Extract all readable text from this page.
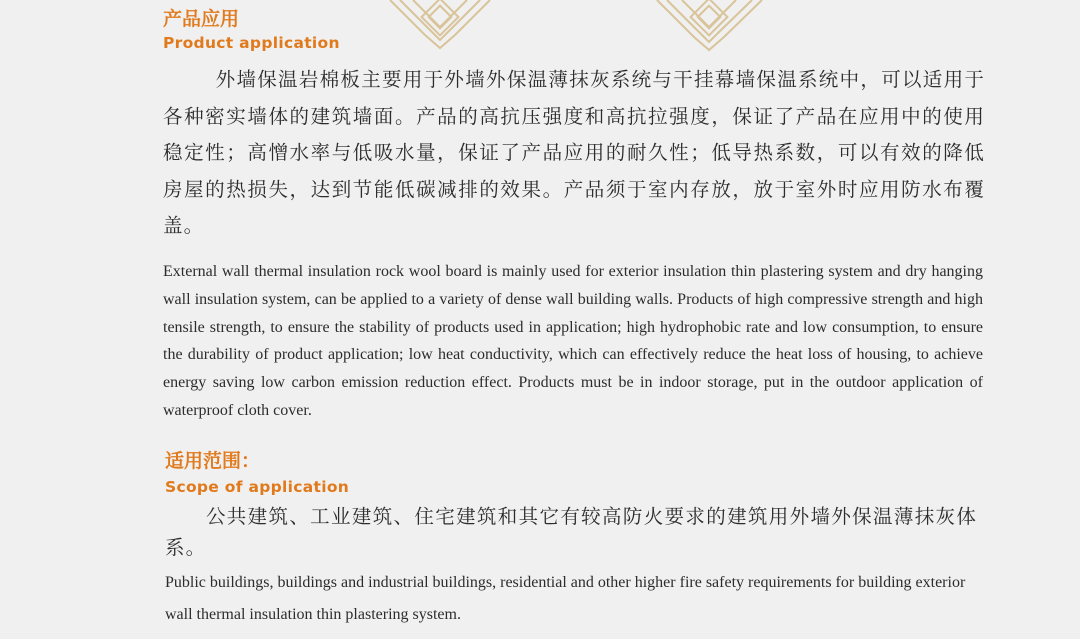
产品应用
Product application

外墙保温岩棉板主要用于外墙外保温薄抹灰系统与干挂幕墙保温系统中，可以适用于各种密实墙体的建筑墙面。产品的高抗压强度和高抗拉强度，保证了产品在应用中的使用稳定性；高憎水率与低吸水量，保证了产品应用的耐久性；低导热系数，可以有效的降低房屋的热损失，达到节能低碳减排的效果。产品须于室内存放，放于室外时应用防水布覆盖。

External wall thermal insulation rock wool board is mainly used for exterior insulation thin plastering system and dry hanging wall insulation system, can be applied to a variety of dense wall building walls. Products of high compressive strength and high tensile strength, to ensure the stability of products used in application; high hydrophobic rate and low consumption, to ensure the durability of product application; low heat conductivity, which can effectively reduce the heat loss of housing, to achieve energy saving low carbon emission reduction effect. Products must be in indoor storage, put in the outdoor application of waterproof cloth cover.

适用范围：
Scope of application

公共建筑、工业建筑、住宅建筑和其它有较高防火要求的建筑用外墙外保温薄抹灰体系。

Public buildings, buildings and industrial buildings, residential and other higher fire safety requirements for building exterior wall thermal insulation thin plastering system.
